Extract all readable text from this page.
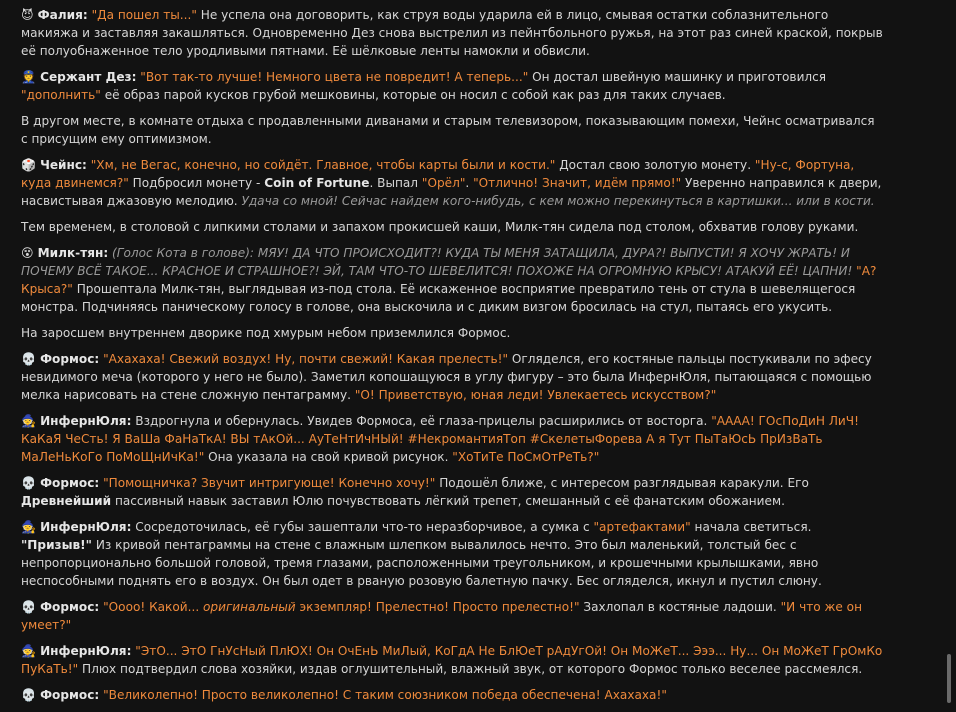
😈 Фалия: "Да пошел ты..." Не успела она договорить, как струя воды ударила ей в лицо, смывая остатки соблазнительного макияжа и заставляя закашляться. Одновременно Дез снова выстрелил из пейнтбольного ружья, на этот раз синей краской, покрыв её полуобнаженное тело уродливыми пятнами. Её шёлковые ленты намокли и обвисли.
👮 Сержант Дез: "Вот так-то лучше! Немного цвета не повредит! А теперь..." Он достал швейную машинку и приготовился "дополнить" её образ парой кусков грубой мешковины, которые он носил с собой как раз для таких случаев.
В другом месте, в комнате отдыха с продавленными диванами и старым телевизором, показывающим помехи, Чейнс осматривался с присущим ему оптимизмом.
🎲 Чейнс: "Хм, не Вегас, конечно, но сойдёт. Главное, чтобы карты были и кости." Достал свою золотую монету. "Ну-с, Фортуна, куда двинемся?" Подбросил монету - Coin of Fortune. Выпал "Орёл". "Отлично! Значит, идём прямо!" Уверенно направился к двери, насвистывая джазовую мелодию. Удача со мной! Сейчас найдем кого-нибудь, с кем можно перекинуться в картишки... или в кости.
Тем временем, в столовой с липкими столами и запахом прокисшей каши, Милк-тян сидела под столом, обхватив голову руками.
😵 Милк-тян: (Голос Кота в голове): МЯУ! ДА ЧТО ПРОИСХОДИТ?! КУДА ТЫ МЕНЯ ЗАТАЩИЛА, ДУРА?! ВЫПУСТИ! Я ХОЧУ ЖРАТЬ! И ПОЧЕМУ ВСЁ ТАКОЕ... КРАСНОЕ И СТРАШНОЕ?! ЭЙ, ТАМ ЧТО-ТО ШЕВЕЛИТСЯ! ПОХОЖЕ НА ОГРОМНУЮ КРЫСУ! АТАКУЙ ЕЁ! ЦАПНИ! "А? Крыса?" Прошептала Милк-тян, выглядывая из-под стола. Её искаженное восприятие превратило тень от стула в шевелящегося монстра. Подчиняясь паническому голосу в голове, она выскочила и с диким визгом бросилась на стул, пытаясь его укусить.
На заросшем внутреннем дворике под хмурым небом приземлился Формос.
💀 Формос: "Ахахаха! Свежий воздух! Ну, почти свежий! Какая прелесть!" Огляделся, его костяные пальцы постукивали по эфесу невидимого меча (которого у него не было). Заметил копошащуюся в углу фигуру – это была ИнфернЮля, пытающаяся с помощью мелка нарисовать на стене сложную пентаграмму. "О! Приветствую, юная леди! Увлекаетесь искусством?"
🧙 ИнфернЮля: Вздрогнула и обернулась. Увидев Формоса, её глаза-прицелы расширились от восторга. "АААА! ГОсПоДиН ЛиЧ! КаКаЯ ЧеСть! Я ВаШа ФаНаТкА! ВЫ тАкОй... АуТеНтИчНЫй! #НекромантияТоп #СкелетыФорева А я Тут ПыТаЮсЬ ПрИзВаТь МаЛеНьКоГо ПоМоЩнИчКа!" Она указала на свой кривой рисунок. "ХоТиТе ПоСмОтРеТь?"
💀 Формос: "Помощничка? Звучит интригующе! Конечно хочу!" Подошёл ближе, с интересом разглядывая каракули. Его Древнейший пассивный навык заставил Юлю почувствовать лёгкий трепет, смешанный с её фанатским обожанием.
🧙 ИнфернЮля: Сосредоточилась, её губы зашептали что-то неразборчивое, а сумка с "артефактами" начала светиться. "Призыв!" Из кривой пентаграммы на стене с влажным шлепком вывалилось нечто. Это был маленький, толстый бес с непропорционально большой головой, тремя глазами, расположенными треугольником, и крошечными крылышками, явно неспособными поднять его в воздух. Он был одет в рваную розовую балетную пачку. Бес огляделся, икнул и пустил слюну.
💀 Формос: "Оооо! Какой... оригинальный экземпляр! Прелестно! Просто прелестно!" Захлопал в костяные ладоши. "И что же он умеет?"
🧙 ИнфернЮля: "ЭтО... ЭтО ГнУсНый ПлЮХ! Он ОчЕнЬ МиЛый, КоГдА Не БлЮеТ рАдУгОй! Он МоЖеТ... Эээ... Ну... Он МоЖеТ ГрОмКо ПуКаТь!" Плюх подтвердил слова хозяйки, издав оглушительный, влажный звук, от которого Формос только веселее рассмеялся.
💀 Формос: "Великолепно! Просто великолепно! С таким союзником победа обеспечена! Ахахаха!"
